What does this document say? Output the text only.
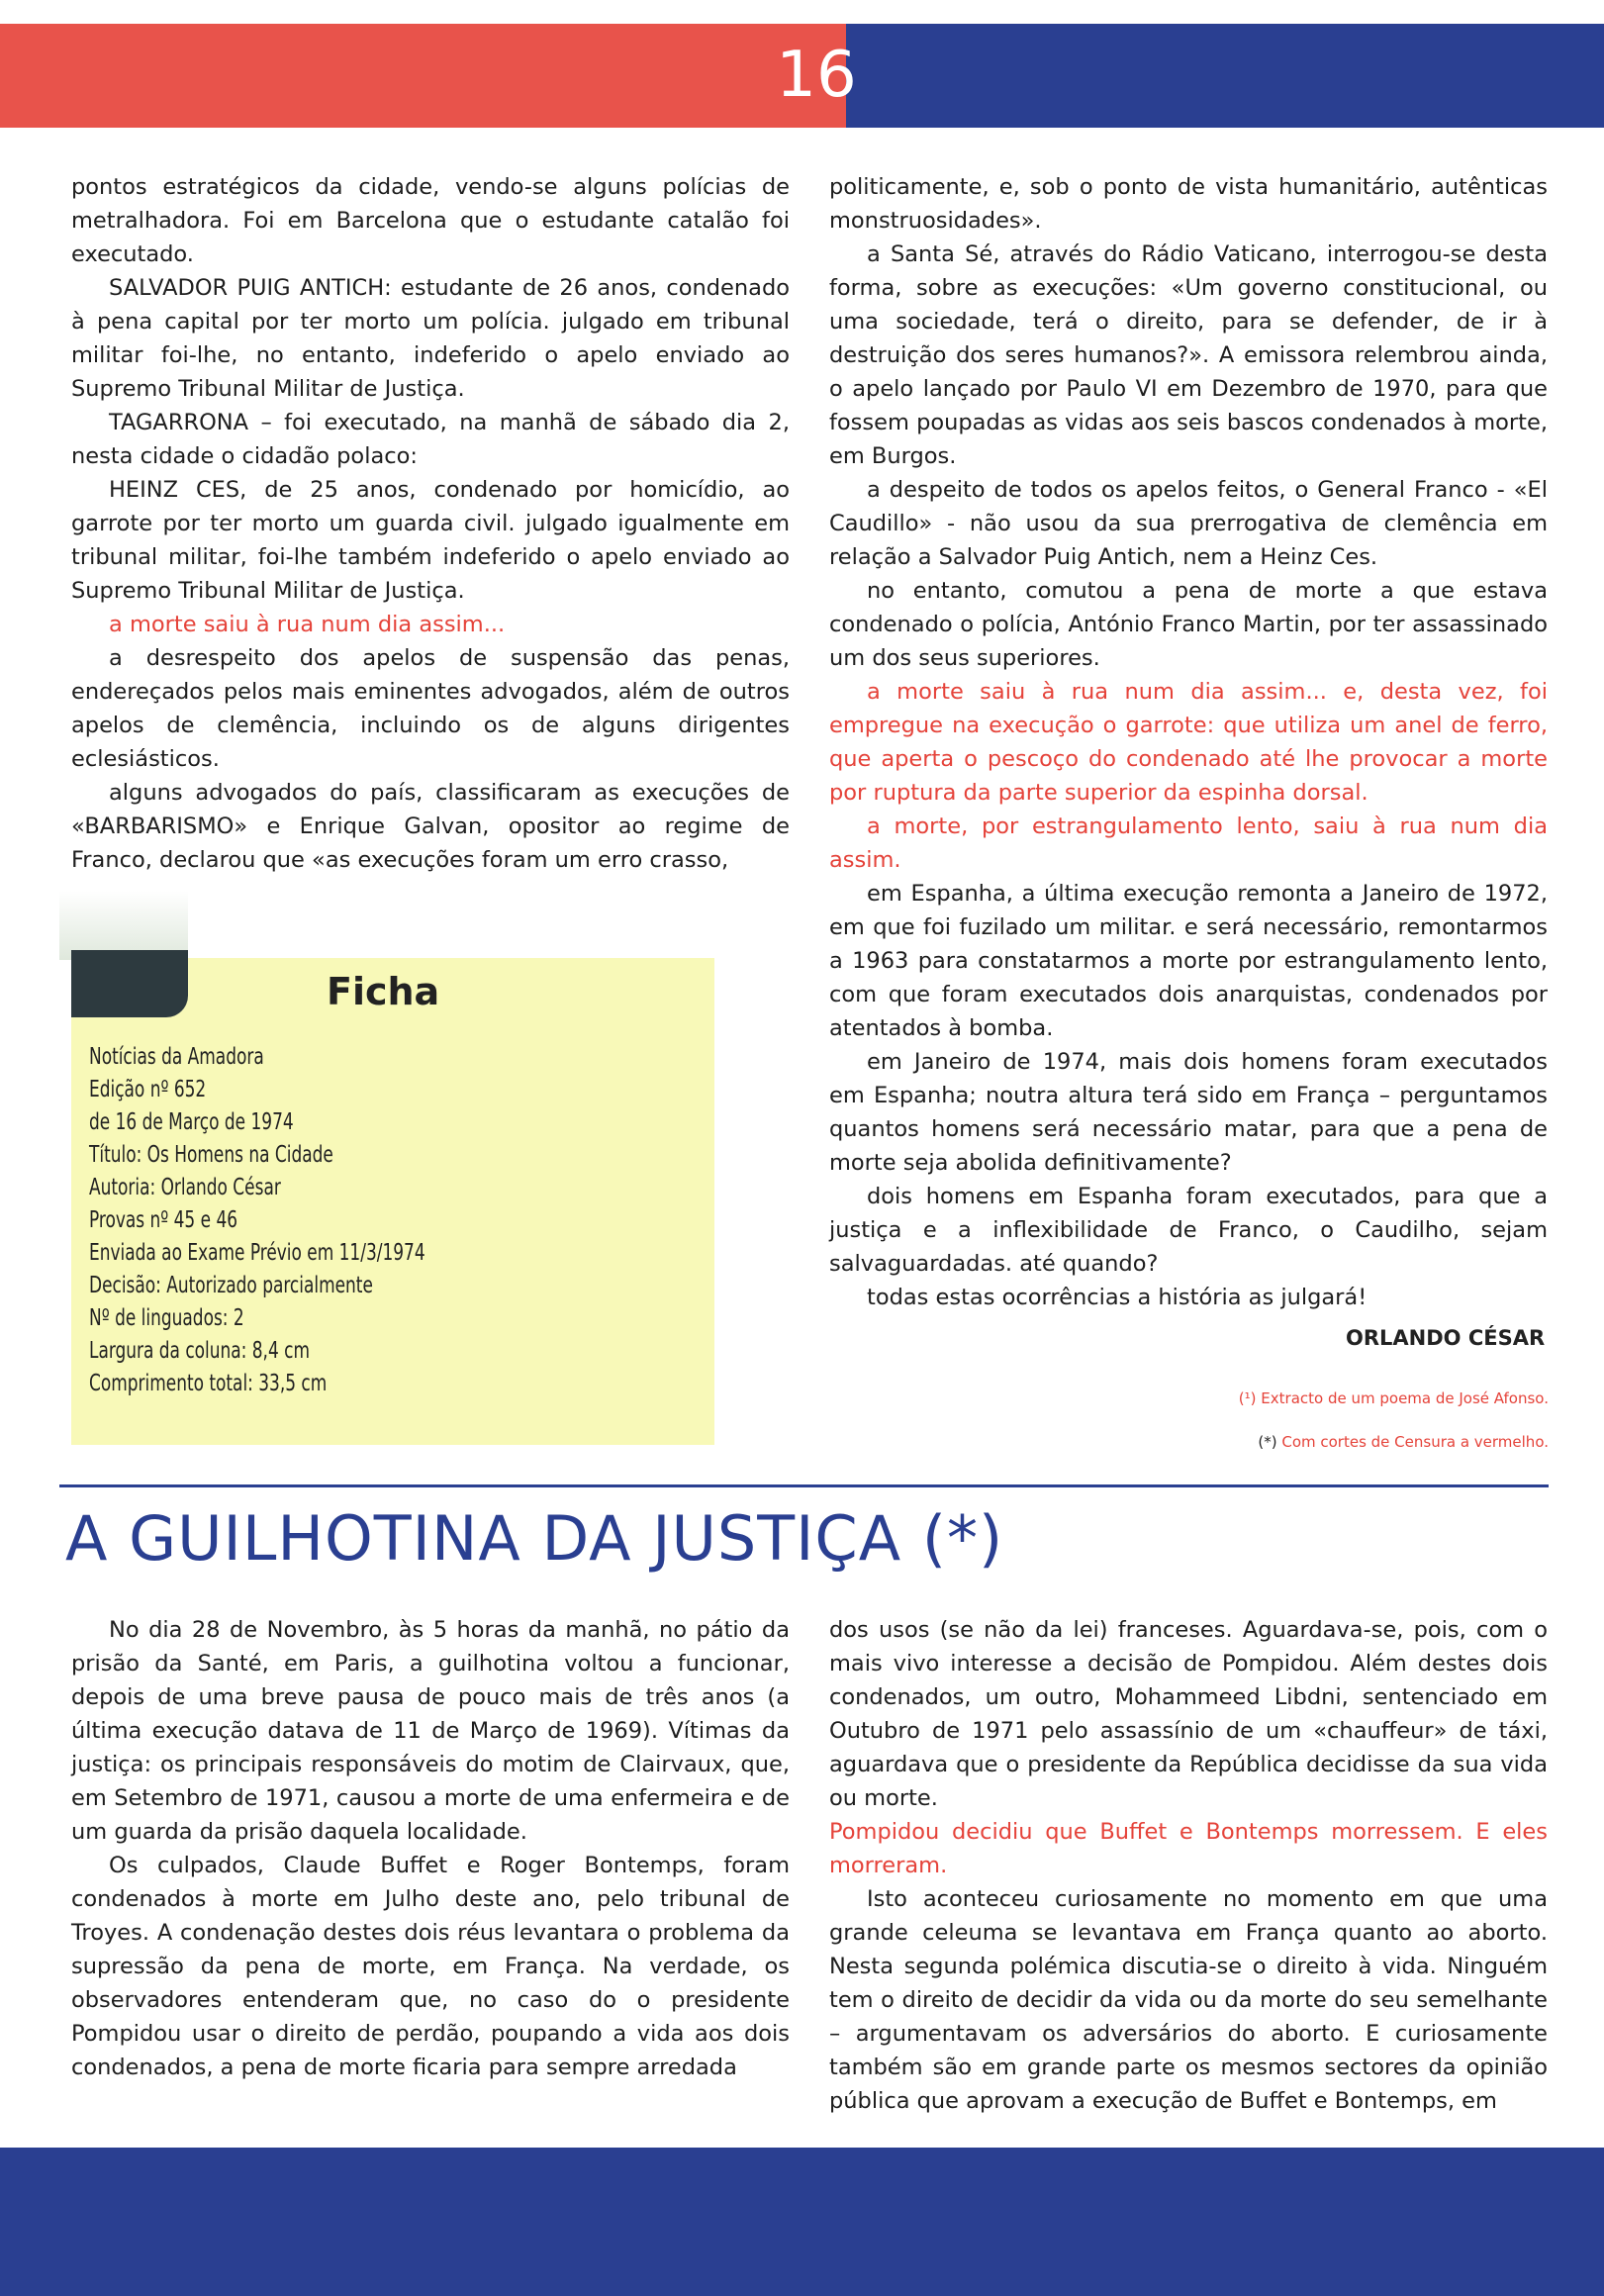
16

pontos estratégicos da cidade, vendo-se alguns polícias de metralhadora. Foi em Barcelona que o estudante catalão foi executado.

SALVADOR PUIG ANTICH: estudante de 26 anos, condenado à pena capital por ter morto um polícia. julgado em tribunal militar foi-lhe, no entanto, indeferido o apelo enviado ao Supremo Tribunal Militar de Justiça.

TAGARRONA – foi executado, na manhã de sábado dia 2, nesta cidade o cidadão polaco:

HEINZ CES, de 25 anos, condenado por homicídio, ao garrote por ter morto um guarda civil. julgado igualmente em tribunal militar, foi-lhe também indeferido o apelo enviado ao Supremo Tribunal Militar de Justiça.

a morte saiu à rua num dia assim...

a desrespeito dos apelos de suspensão das penas, endereçados pelos mais eminentes advogados, além de outros apelos de clemência, incluindo os de alguns dirigentes eclesiásticos.

alguns advogados do país, classificaram as execuções de «BARBARISMO» e Enrique Galvan, opositor ao regime de Franco, declarou que «as execuções foram um erro crasso,

politicamente, e, sob o ponto de vista humanitário, autênticas monstruosidades».

a Santa Sé, através do Rádio Vaticano, interrogou-se desta forma, sobre as execuções: «Um governo constitucional, ou uma sociedade, terá o direito, para se defender, de ir à destruição dos seres humanos?». A emissora relembrou ainda, o apelo lançado por Paulo VI em Dezembro de 1970, para que fossem poupadas as vidas aos seis bascos condenados à morte, em Burgos.

a despeito de todos os apelos feitos, o General Franco - «El Caudillo» - não usou da sua prerrogativa de clemência em relação a Salvador Puig Antich, nem a Heinz Ces.

no entanto, comutou a pena de morte a que estava condenado o polícia, António Franco Martin, por ter assassinado um dos seus superiores.

a morte saiu à rua num dia assim... e, desta vez, foi empregue na execução o garrote: que utiliza um anel de ferro, que aperta o pescoço do condenado até lhe provocar a morte por ruptura da parte superior da espinha dorsal.

a morte, por estrangulamento lento, saiu à rua num dia assim.

em Espanha, a última execução remonta a Janeiro de 1972, em que foi fuzilado um militar. e será necessário, remontarmos a 1963 para constatarmos a morte por estrangulamento lento, com que foram executados dois anarquistas, condenados por atentados à bomba.

em Janeiro de 1974, mais dois homens foram executados em Espanha; noutra altura terá sido em França – perguntamos quantos homens será necessário matar, para que a pena de morte seja abolida definitivamente?

dois homens em Espanha foram executados, para que a justiça e a inflexibilidade de Franco, o Caudilho, sejam salvaguardadas. até quando?

todas estas ocorrências a história as julgará!

Ficha
Notícias da Amadora
Edição nº 652
de 16 de Março de 1974
Título: Os Homens na Cidade
Autoria: Orlando César
Provas nº 45 e 46
Enviada ao Exame Prévio em 11/3/1974
Decisão: Autorizado parcialmente
Nº de linguados: 2
Largura da coluna: 8,4 cm
Comprimento total: 33,5 cm
ORLANDO CÉSAR
(¹) Extracto de um poema de José Afonso.
(*) Com cortes de Censura a vermelho.
A GUILHOTINA DA JUSTIÇA (*)

No dia 28 de Novembro, às 5 horas da manhã, no pátio da prisão da Santé, em Paris, a guilhotina voltou a funcionar, depois de uma breve pausa de pouco mais de três anos (a última execução datava de 11 de Março de 1969). Vítimas da justiça: os principais responsáveis do motim de Clairvaux, que, em Setembro de 1971, causou a morte de uma enfermeira e de um guarda da prisão daquela localidade.

Os culpados, Claude Buffet e Roger Bontemps, foram condenados à morte em Julho deste ano, pelo tribunal de Troyes. A condenação destes dois réus levantara o problema da supressão da pena de morte, em França. Na verdade, os observadores entenderam que, no caso do o presidente Pompidou usar o direito de perdão, poupando a vida aos dois condenados, a pena de morte ficaria para sempre arredada

dos usos (se não da lei) franceses. Aguardava-se, pois, com o mais vivo interesse a decisão de Pompidou. Além destes dois condenados, um outro, Mohammeed Libdni, sentenciado em Outubro de 1971 pelo assassínio de um «chauffeur» de táxi, aguardava que o presidente da República decidisse da sua vida ou morte.

Pompidou decidiu que Buffet e Bontemps morressem. E eles morreram.

Isto aconteceu curiosamente no momento em que uma grande celeuma se levantava em França quanto ao aborto. Nesta segunda polémica discutia-se o direito à vida. Ninguém tem o direito de decidir da vida ou da morte do seu semelhante – argumentavam os adversários do aborto. E curiosamente também são em grande parte os mesmos sectores da opinião pública que aprovam a execução de Buffet e Bontemps, em
